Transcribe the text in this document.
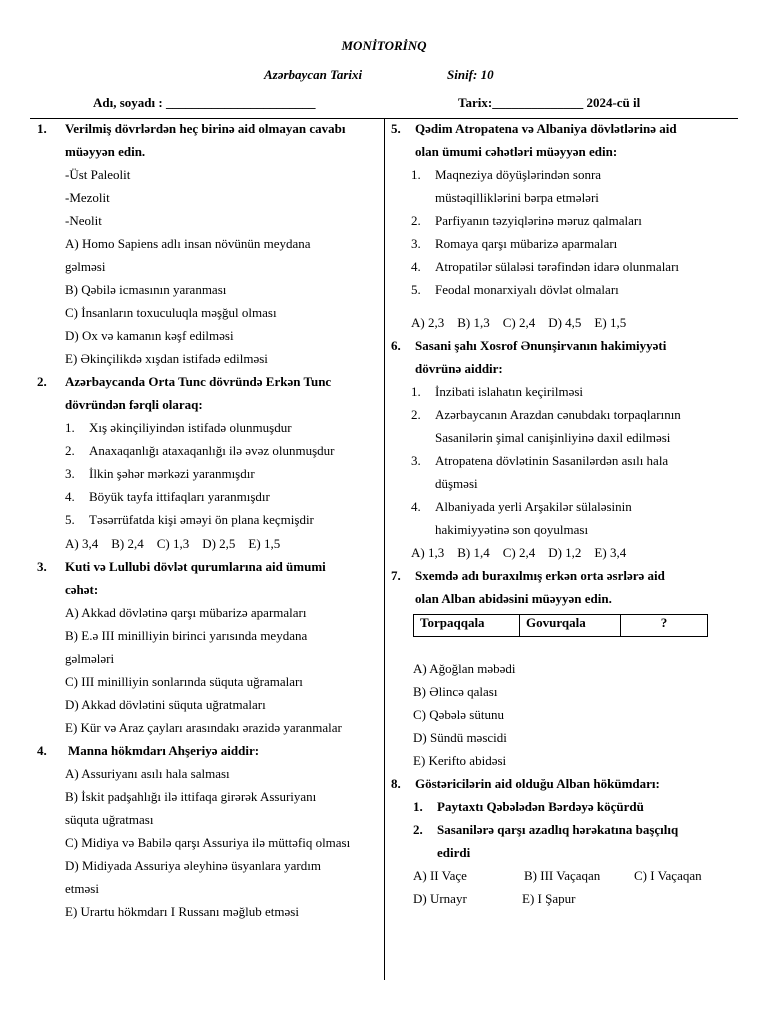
MONİTORİNQ
Azərbaycan Tarixi	Sinif: 10
Adı, soyadı : _______________________	Tarix:______________ 2024-cü il
1. Verilmiş dövrlərdən heç birinə aid olmayan cavabı
müəyyən edin.
-Üst Paleolit
-Mezolit
-Neolit
A) Homo Sapiens adlı insan növünün meydana
gəlməsi
B) Qəbilə icmasının yaranması
C) İnsanların toxuculuqla məşğul olması
D) Ox və kamanın kəşf edilməsi
E) Əkinçilikdə xışdan istifadə edilməsi
2. Azərbaycanda Orta Tunc dövründə Erkən Tunc
dövründən fərqli olaraq:
1. Xış əkinçiliyindən istifadə olunmuşdur
2. Anaxaqanlığı ataxaqanlığı ilə əvəz olunmuşdur
3. İlkin şəhər mərkəzi yaranmışdır
4. Böyük tayfa ittifaqları yaranmışdır
5. Təsərrüfatda kişi əməyi ön plana keçmişdir
A) 3,4    B) 2,4    C) 1,3    D) 2,5    E) 1,5
3. Kuti və Lullubi dövlət qurumlarına aid ümumi
cəhət:
A) Akkad dövlətinə qarşı mübarizə aparmaları
B) E.ə III minilliyin birinci yarısında meydana
gəlmələri
C) III minilliyin sonlarında süquta uğramaları
D) Akkad dövlətini süquta uğratmaları
E) Kür və Araz çayları arasındakı ərazidə yaranmalar
4. Manna hökmdarı Ahşeriyə aiddir:
A) Assuriyanı asılı hala salması
B) İskit padşahlığı ilə ittifaqa girərək Assuriyanı
süquta uğratması
C) Midiya və Babilə qarşı Assuriya ilə müttəfiq olması
D) Midiyada Assuriya əleyhinə üsyanlara yardım
etməsi
E) Urartu hökmdarı I Russanı məğlub etməsi
5. Qədim Atropatena və Albaniya dövlətlərinə aid
olan ümumi cəhətləri müəyyən edin:
1. Maqneziya döyüşlərindən sonra
müstəqilliklərini bərpa etmələri
2. Parfiyanın təzyiqlərinə məruz qalmaları
3. Romaya qarşı mübarizə aparmaları
4. Atropatilər sülaləsi tərəfindən idarə olunmaları
5. Feodal monarxiyalı dövlət olmaları
A) 2,3    B) 1,3    C) 2,4    D) 4,5    E) 1,5
6. Sasani şahı Xosrof Ənunşirvanın hakimiyyəti
dövrünə aiddir:
1. İnzibati islahatın keçirilməsi
2. Azərbaycanın Arazdan cənubdakı torpaqlarının
Sasanilərin şimal canişinliyinə daxil edilməsi
3. Atropatena dövlətinin Sasanilərdən asılı hala
düşməsi
4. Albaniyada yerli Arşakilər sülaləsinin
hakimiyyətinə son qoyulması
A) 1,3    B) 1,4    C) 2,4    D) 1,2    E) 3,4
7. Sxemdə adı buraxılmış erkən orta əsrlərə aid
olan Alban abidəsini müəyyən edin.
Torpaqqala	Govurqala	?
A) Ağoğlan məbədi
B) Əlincə qalası
C) Qəbələ sütunu
D) Sündü məscidi
E) Kerifto abidəsi
8. Göstəricilərin aid olduğu Alban hökümdarı:
1. Paytaxtı Qəbələdən Bərdəyə köçürdü
2. Sasanilərə qarşı azadlıq hərəkatına başçılıq
edirdi
A) II Vaçe	B) III Vaçaqan	C) I Vaçaqan
D) Urnayr	E) I Şapur
